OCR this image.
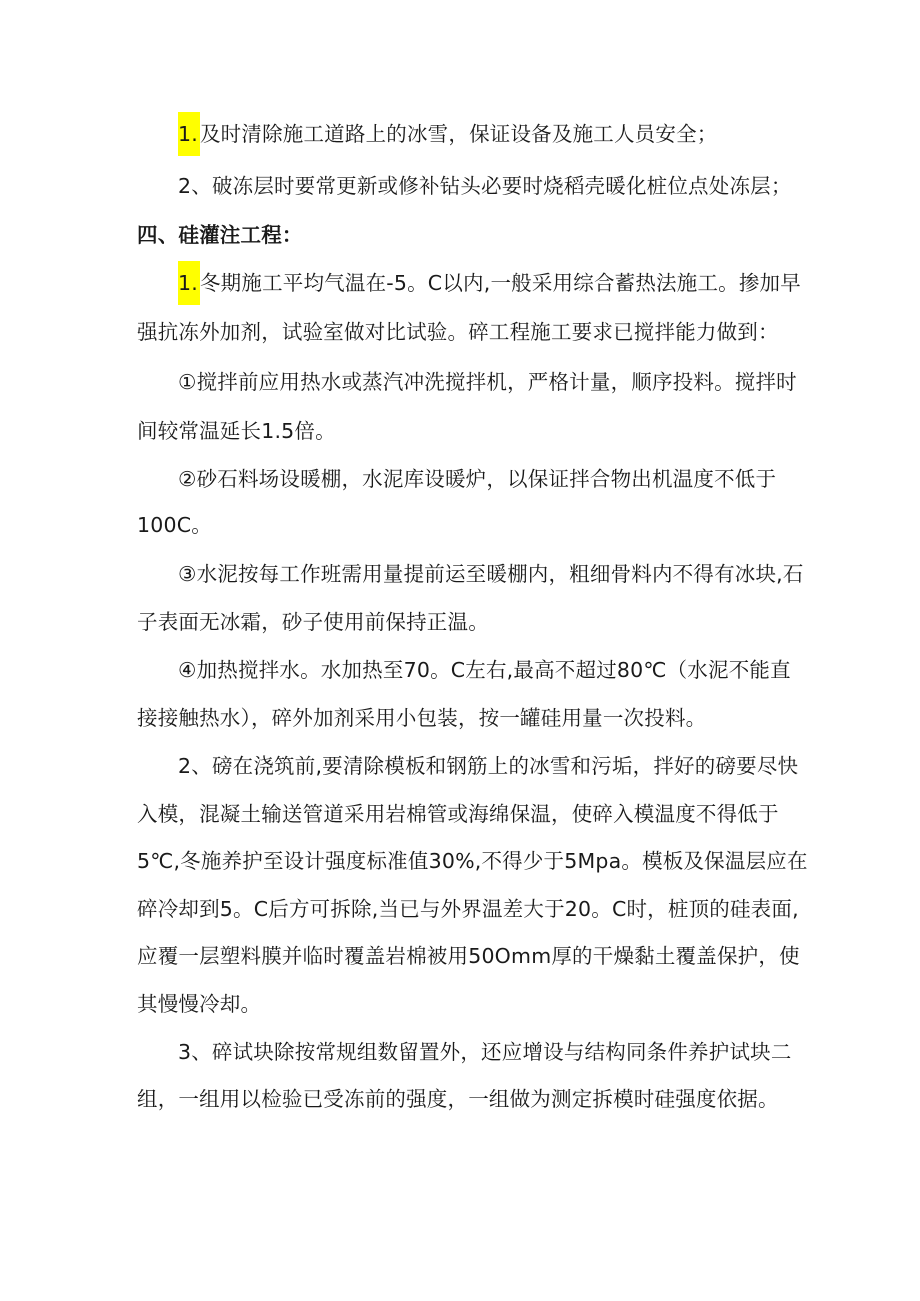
1.及时清除施工道路上的冰雪，保证设备及施工人员安全；
2、破冻层时要常更新或修补钻头必要时烧稻壳暖化桩位点处冻层；
四、硅灌注工程：
1.冬期施工平均气温在-5。C以内,一般采用综合蓄热法施工。掺加早
强抗冻外加剂，试验室做对比试验。碎工程施工要求已搅拌能力做到：
①搅拌前应用热水或蒸汽冲洗搅拌机，严格计量，顺序投料。搅拌时
间较常温延长1.5倍。
②砂石料场设暖棚，水泥库设暖炉，以保证拌合物出机温度不低于
100C。
③水泥按每工作班需用量提前运至暖棚内，粗细骨料内不得有冰块,石
子表面无冰霜，砂子使用前保持正温。
④加热搅拌水。水加热至70。C左右,最高不超过80℃（水泥不能直
接接触热水），碎外加剂采用小包装，按一罐硅用量一次投料。
2、磅在浇筑前,要清除模板和钢筋上的冰雪和污垢，拌好的磅要尽快
入模，混凝土输送管道采用岩棉管或海绵保温，使碎入模温度不得低于
5℃,冬施养护至设计强度标准值30%,不得少于5Mpa。模板及保温层应在
碎冷却到5。C后方可拆除,当已与外界温差大于20。C时，桩顶的硅表面,
应覆一层塑料膜并临时覆盖岩棉被用50Omm厚的干燥黏土覆盖保护，使
其慢慢冷却。
3、碎试块除按常规组数留置外，还应增设与结构同条件养护试块二
组，一组用以检验已受冻前的强度，一组做为测定拆模时硅强度依据。
